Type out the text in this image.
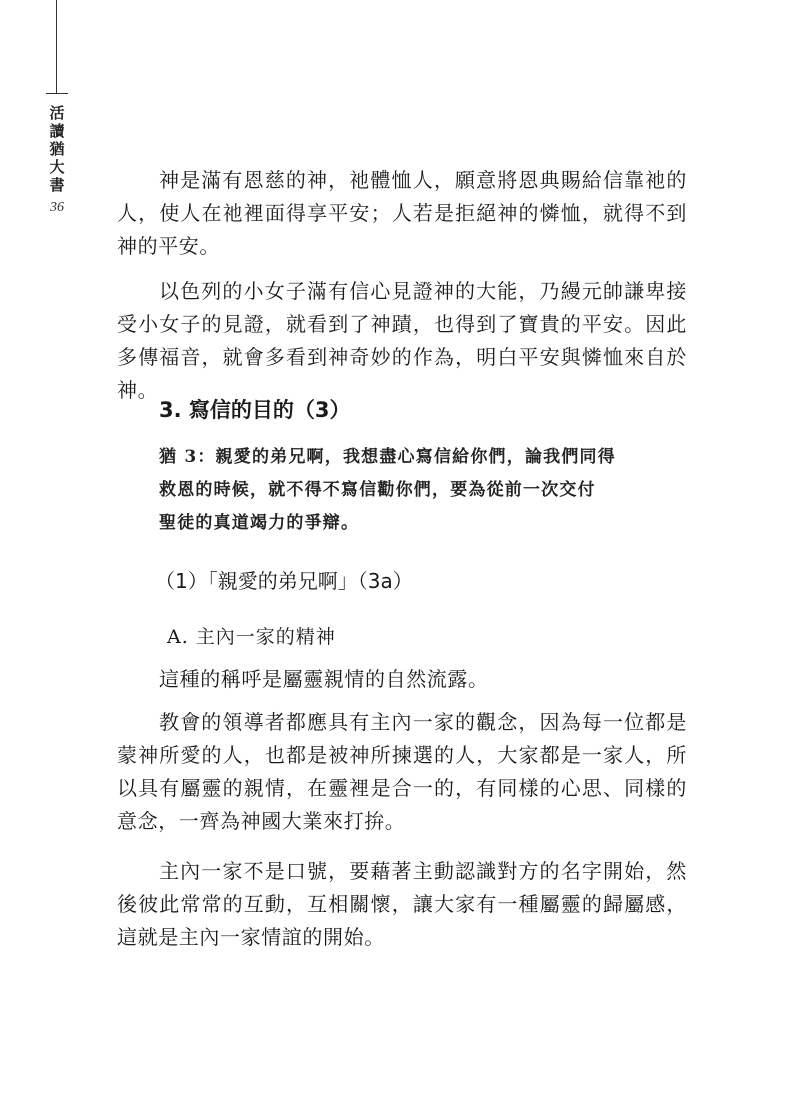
活
讀
猶
大
書
36

神是滿有恩慈的神，祂體恤人，願意將恩典賜給信靠祂的人，使人在祂裡面得享平安；人若是拒絕神的憐恤，就得不到神的平安。

以色列的小女子滿有信心見證神的大能，乃縵元帥謙卑接受小女子的見證，就看到了神蹟，也得到了寶貴的平安。因此多傳福音，就會多看到神奇妙的作為，明白平安與憐恤來自於神。

3. 寫信的目的（3）

猶 3：親愛的弟兄啊，我想盡心寫信給你們，論我們同得

救恩的時候，就不得不寫信勸你們，要為從前一次交付

聖徒的真道竭力的爭辯。

（1）「親愛的弟兄啊」（3a）

A. 主內一家的精神

這種的稱呼是屬靈親情的自然流露。

教會的領導者都應具有主內一家的觀念，因為每一位都是蒙神所愛的人，也都是被神所揀選的人，大家都是一家人，所以具有屬靈的親情，在靈裡是合一的，有同樣的心思、同樣的意念，一齊為神國大業來打拚。

主內一家不是口號，要藉著主動認識對方的名字開始，然後彼此常常的互動，互相關懷，讓大家有一種屬靈的歸屬感，這就是主內一家情誼的開始。
